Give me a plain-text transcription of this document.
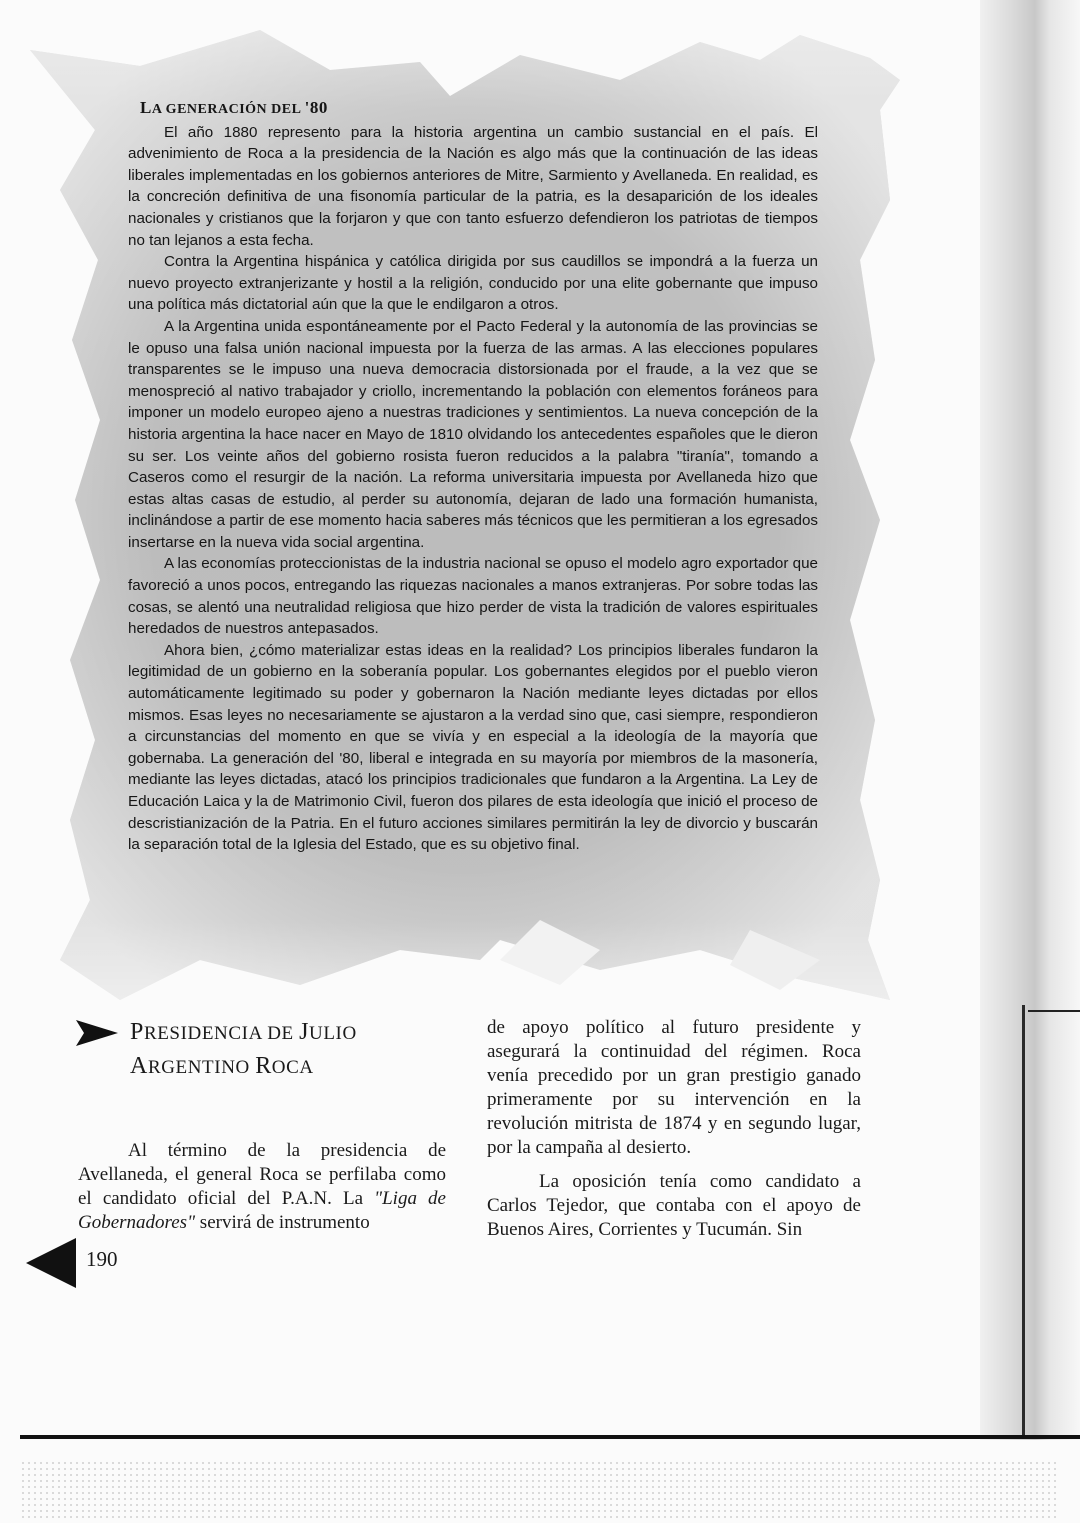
LA GENERACIÓN DEL '80

El año 1880 represento para la historia argentina un cambio sustancial en el país. El advenimiento de Roca a la presidencia de la Nación es algo más que la continuación de las ideas liberales implementadas en los gobiernos anteriores de Mitre, Sarmiento y Avellaneda. En realidad, es la concreción definitiva de una fisonomía particular de la patria, es la desaparición de los ideales nacionales y cristianos que la forjaron y que con tanto esfuerzo defendieron los patriotas de tiempos no tan lejanos a esta fecha.

Contra la Argentina hispánica y católica dirigida por sus caudillos se impondrá a la fuerza un nuevo proyecto extranjerizante y hostil a la religión, conducido por una elite gobernante que impuso una política más dictatorial aún que la que le endilgaron a otros.

A la Argentina unida espontáneamente por el Pacto Federal y la autonomía de las provincias se le opuso una falsa unión nacional impuesta por la fuerza de las armas. A las elecciones populares transparentes se le impuso una nueva democracia distorsionada por el fraude, a la vez que se menospreció al nativo trabajador y criollo, incrementando la población con elementos foráneos para imponer un modelo europeo ajeno a nuestras tradiciones y sentimientos. La nueva concepción de la historia argentina la hace nacer en Mayo de 1810 olvidando los antecedentes españoles que le dieron su ser. Los veinte años del gobierno rosista fueron reducidos a la palabra "tiranía", tomando a Caseros como el resurgir de la nación. La reforma universitaria impuesta por Avellaneda hizo que estas altas casas de estudio, al perder su autonomía, dejaran de lado una formación humanista, inclinándose a partir de ese momento hacia saberes más técnicos que les permitieran a los egresados insertarse en la nueva vida social argentina.

A las economías proteccionistas de la industria nacional se opuso el modelo agro exportador que favoreció a unos pocos, entregando las riquezas nacionales a manos extranjeras. Por sobre todas las cosas, se alentó una neutralidad religiosa que hizo perder de vista la tradición de valores espirituales heredados de nuestros antepasados.

Ahora bien, ¿cómo materializar estas ideas en la realidad? Los principios liberales fundaron la legitimidad de un gobierno en la soberanía popular. Los gobernantes elegidos por el pueblo vieron automáticamente legitimado su poder y gobernaron la Nación mediante leyes dictadas por ellos mismos. Esas leyes no necesariamente se ajustaron a la verdad sino que, casi siempre, respondieron a circunstancias del momento en que se vivía y en especial a la ideología de la mayoría que gobernaba. La generación del '80, liberal e integrada en su mayoría por miembros de la masonería, mediante las leyes dictadas, atacó los principios tradicionales que fundaron a la Argentina. La Ley de Educación Laica y la de Matrimonio Civil, fueron dos pilares de esta ideología que inició el proceso de descristianización de la Patria. En el futuro acciones similares permitirán la ley de divorcio y buscarán la separación total de la Iglesia del Estado, que es su objetivo final.

PRESIDENCIA DE JULIO
ARGENTINO ROCA

Al término de la presidencia de Avellaneda, el general Roca se perfilaba como el candidato oficial del P.A.N. La "Liga de Gobernadores" servirá de instrumento

de apoyo político al futuro presidente y asegurará la continuidad del régimen. Roca venía precedido por un gran prestigio ganado primeramente por su intervención en la revolución mitrista de 1874 y en segundo lugar, por la campaña al desierto.

La oposición tenía como candidato a Carlos Tejedor, que contaba con el apoyo de Buenos Aires, Corrientes y Tucumán. Sin

190
